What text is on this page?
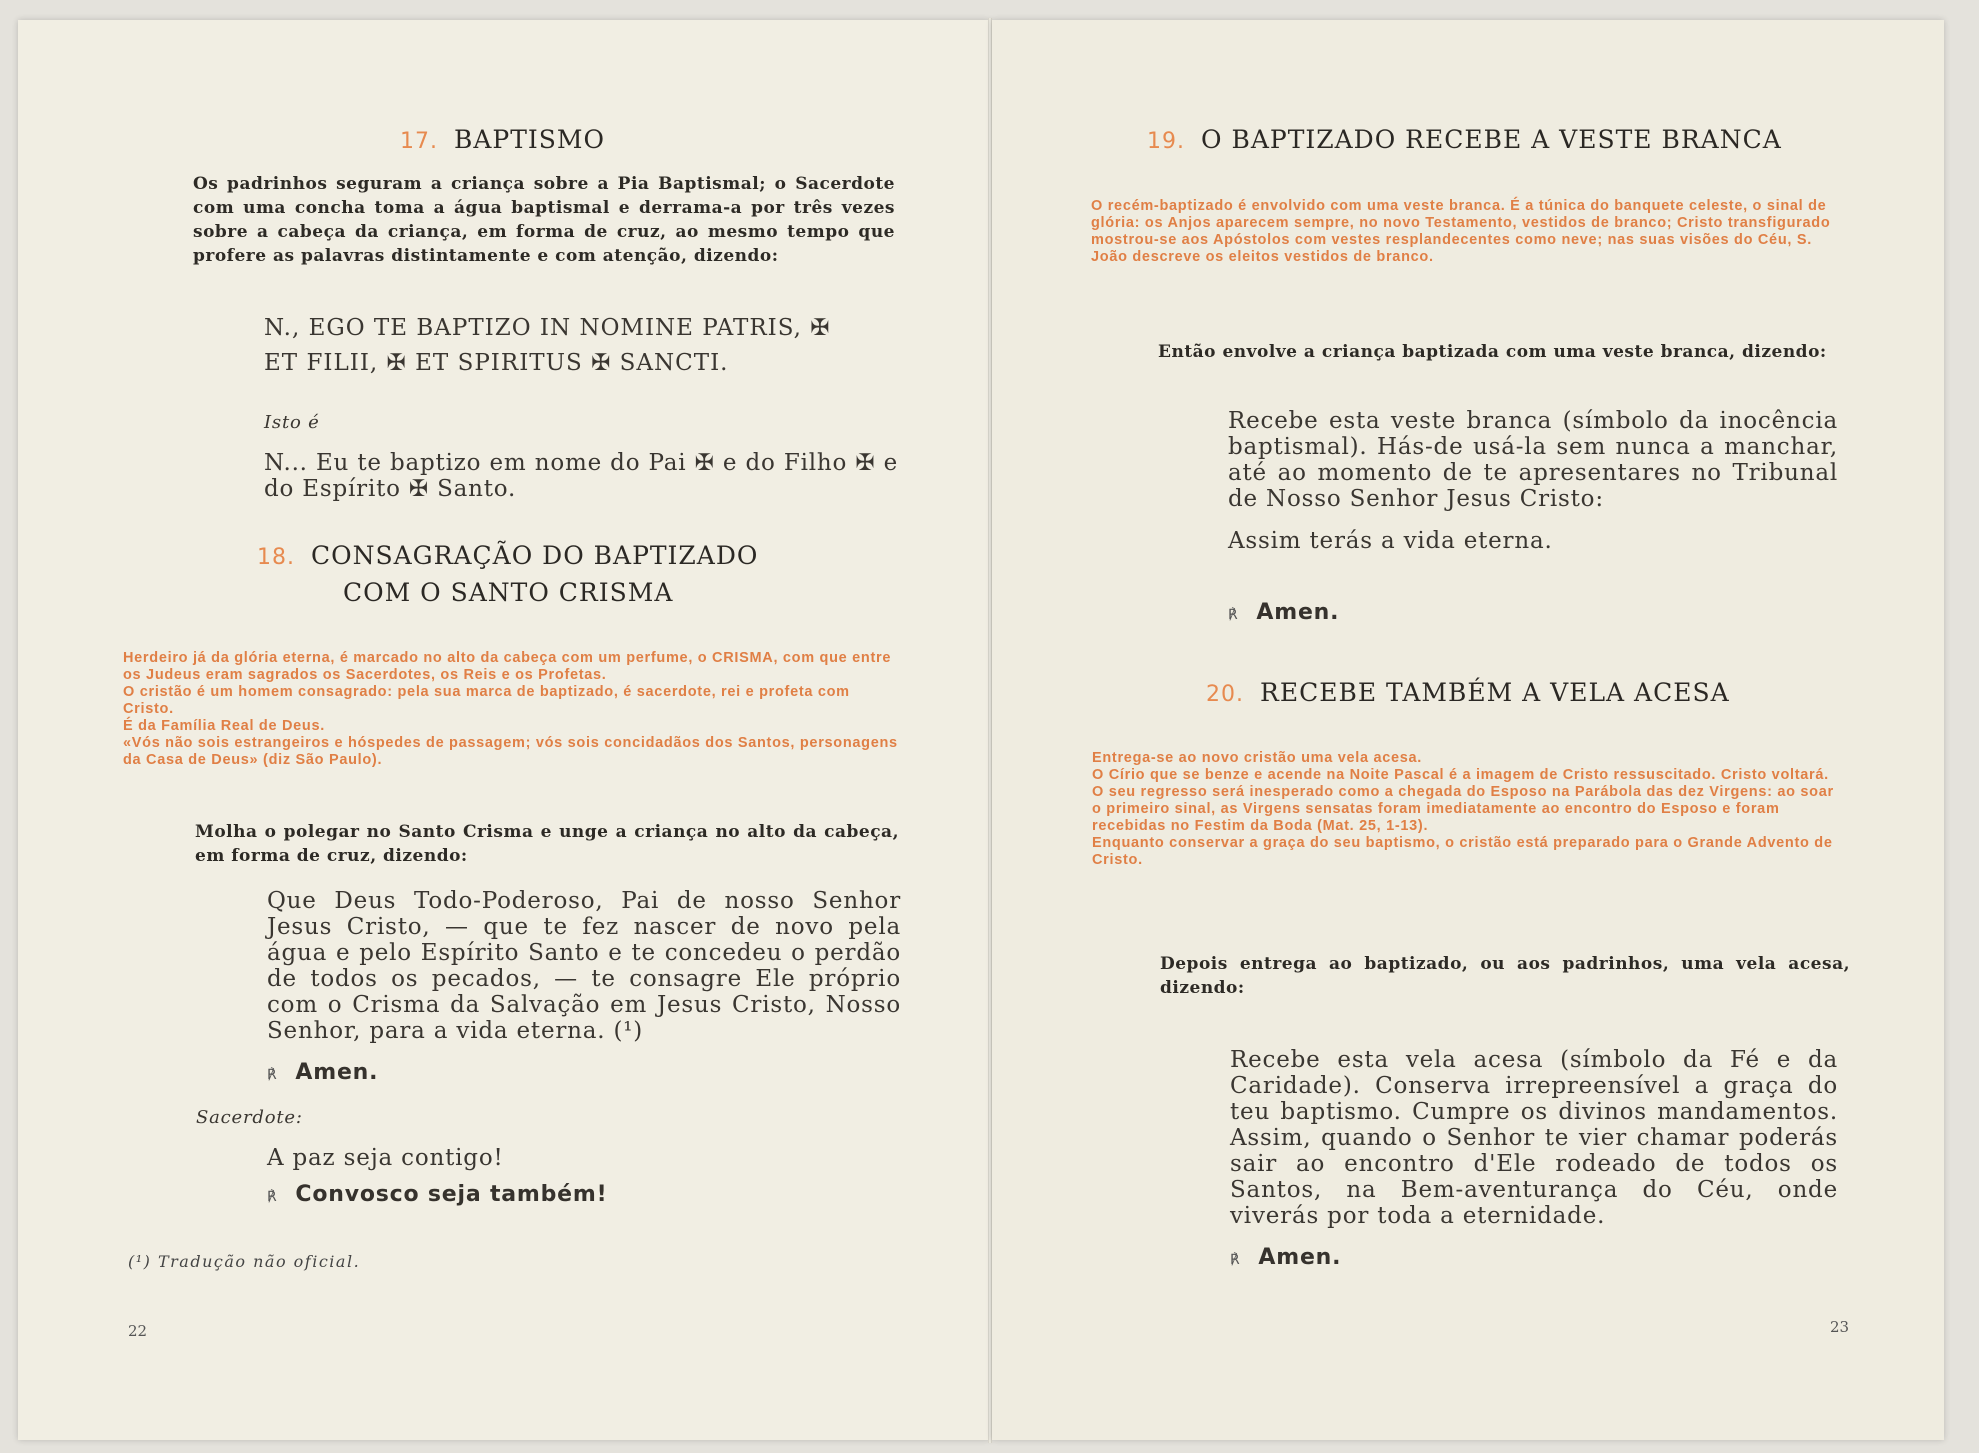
17. BAPTISMO

Os padrinhos seguram a criança sobre a Pia Baptismal; o Sacerdote com uma concha toma a água baptismal e derrama-a por três vezes sobre a cabeça da criança, em forma de cruz, ao mesmo tempo que profere as palavras distintamente e com atenção, dizendo:

N., EGO TE BAPTIZO IN NOMINE PATRIS, ✠

ET FILII, ✠ ET SPIRITUS ✠ SANCTI.

Isto é

N... Eu te baptizo em nome do Pai ✠ e do Filho ✠ e do Espírito ✠ Santo.

18. CONSAGRAÇÃO DO BAPTIZADO

COM O SANTO CRISMA

Herdeiro já da glória eterna, é marcado no alto da cabeça com um perfume, o CRISMA, com que entre os Judeus eram sagrados os Sacerdotes, os Reis e os Profetas.

O cristão é um homem consagrado: pela sua marca de baptizado, é sacerdote, rei e profeta com Cristo.

É da Família Real de Deus.

«Vós não sois estrangeiros e hóspedes de passagem; vós sois concidadãos dos Santos, personagens da Casa de Deus» (diz São Paulo).

Molha o polegar no Santo Crisma e unge a criança no alto da cabeça, em forma de cruz, dizendo:

Que Deus Todo-Poderoso, Pai de nosso Senhor Jesus Cristo, — que te fez nascer de novo pela água e pelo Espírito Santo e te concedeu o perdão de todos os pecados, — te consagre Ele próprio com o Crisma da Salvação em Jesus Cristo, Nosso Senhor, para a vida eterna. (¹)

℟ Amen.

Sacerdote:

A paz seja contigo!

℟ Convosco seja também!

(¹) Tradução não oficial.

22

19. O BAPTIZADO RECEBE A VESTE BRANCA

O recém-baptizado é envolvido com uma veste branca. É a túnica do banquete celeste, o sinal de glória: os Anjos aparecem sempre, no novo Testamento, vestidos de branco; Cristo transfigurado mostrou-se aos Apóstolos com vestes resplandecentes como neve; nas suas visões do Céu, S. João descreve os eleitos vestidos de branco.

Então envolve a criança baptizada com uma veste branca, dizendo:

Recebe esta veste branca (símbolo da inocência baptismal). Hás-de usá-la sem nunca a manchar, até ao momento de te apresentares no Tribunal de Nosso Senhor Jesus Cristo:

Assim terás a vida eterna.

℟ Amen.

20. RECEBE TAMBÉM A VELA ACESA

Entrega-se ao novo cristão uma vela acesa.

O Círio que se benze e acende na Noite Pascal é a imagem de Cristo ressuscitado. Cristo voltará. O seu regresso será inesperado como a chegada do Esposo na Parábola das dez Virgens: ao soar o primeiro sinal, as Virgens sensatas foram imediatamente ao encontro do Esposo e foram recebidas no Festim da Boda (Mat. 25, 1-13).

Enquanto conservar a graça do seu baptismo, o cristão está preparado para o Grande Advento de Cristo.

Depois entrega ao baptizado, ou aos padrinhos, uma vela acesa, dizendo:

Recebe esta vela acesa (símbolo da Fé e da Caridade). Conserva irrepreensível a graça do teu baptismo. Cumpre os divinos mandamentos. Assim, quando o Senhor te vier chamar poderás sair ao encontro d'Ele rodeado de todos os Santos, na Bem-aventurança do Céu, onde viverás por toda a eternidade.

℟ Amen.

23
